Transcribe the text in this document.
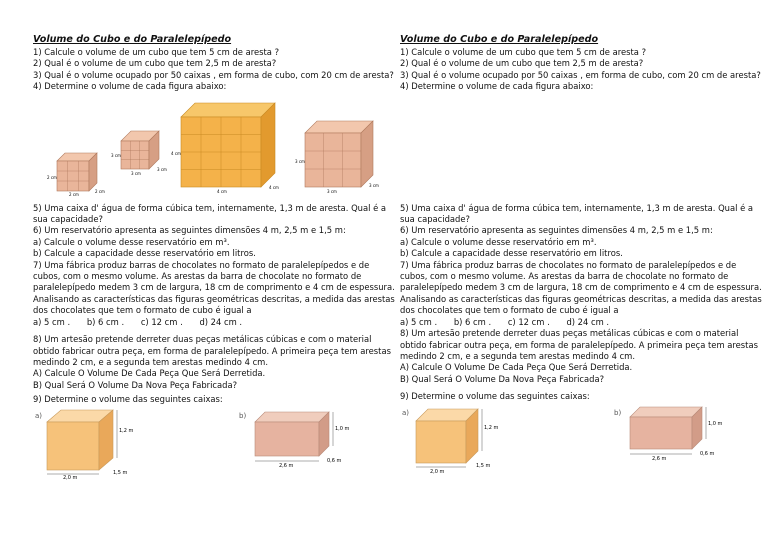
Volume do Cubo e do Paralelepípedo

1) Calcule o volume de um cubo que tem 5 cm de aresta ?

2) Qual é o volume de um cubo que tem 2,5 m de aresta?

3) Qual é o volume ocupado por 50 caixas , em forma de cubo, com 20 cm de aresta?

4) Determine o volume de cada figura abaixo:

2 cm
2 cm
2 cm
3 cm
3 cm
3 cm
4 cm
4 cm
4 cm
3 cm
3 cm
3 cm

5) Uma caixa d' água de forma cúbica tem, internamente, 1,3 m de aresta. Qual é a sua capacidade?

6) Um reservatório apresenta as seguintes dimensões 4 m, 2,5 m e 1,5 m:

a) Calcule o volume desse reservatório em m³.

b) Calcule a capacidade desse reservatório em litros.

7) Uma fábrica produz barras de chocolates no formato de paralelepípedos e de cubos, com o mesmo volume. As arestas da barra de chocolate no formato de paralelepípedo medem 3 cm de largura, 18 cm de comprimento e 4 cm de espessura.

Analisando as características das figuras geométricas descritas, a medida das arestas dos chocolates que tem o formato de cubo é igual a

a) 5 cm . b) 6 cm . c) 12 cm . d) 24 cm .

8) Um artesão pretende derreter duas peças metálicas cúbicas e com o material obtido fabricar outra peça, em forma de paralelepípedo. A primeira peça tem arestas medindo 2 cm, e a segunda tem arestas medindo 4 cm.

A) Calcule O Volume De Cada Peça Que Será Derretida.

B) Qual Será O Volume Da Nova Peça Fabricada?

9) Determine o volume das seguintes caixas:

a)
1,2 m
1,5 m
2,0 m
b)
1,0 m
0,6 m
2,6 m
Volume do Cubo e do Paralelepípedo

1) Calcule o volume de um cubo que tem 5 cm de aresta ?

2) Qual é o volume de um cubo que tem 2,5 m de aresta?

3) Qual é o volume ocupado por 50 caixas , em forma de cubo, com 20 cm de aresta?

4) Determine o volume de cada figura abaixo:

5) Uma caixa d' água de forma cúbica tem, internamente, 1,3 m de aresta. Qual é a sua capacidade?

6) Um reservatório apresenta as seguintes dimensões 4 m, 2,5 m e 1,5 m:

a) Calcule o volume desse reservatório em m³.

b) Calcule a capacidade desse reservatório em litros.

7) Uma fábrica produz barras de chocolates no formato de paralelepípedos e de cubos, com o mesmo volume. As arestas da barra de chocolate no formato de paralelepípedo medem 3 cm de largura, 18 cm de comprimento e 4 cm de espessura.

Analisando as características das figuras geométricas descritas, a medida das arestas dos chocolates que tem o formato de cubo é igual a

a) 5 cm . b) 6 cm . c) 12 cm . d) 24 cm .

8) Um artesão pretende derreter duas peças metálicas cúbicas e com o material obtido fabricar outra peça, em forma de paralelepípedo. A primeira peça tem arestas medindo 2 cm, e a segunda tem arestas medindo 4 cm.

A) Calcule O Volume De Cada Peça Que Será Derretida.

B) Qual Será O Volume Da Nova Peça Fabricada?

9) Determine o volume das seguintes caixas:

a)
1,2 m
1,5 m
2,0 m
b)
1,0 m
0,6 m
2,6 m
